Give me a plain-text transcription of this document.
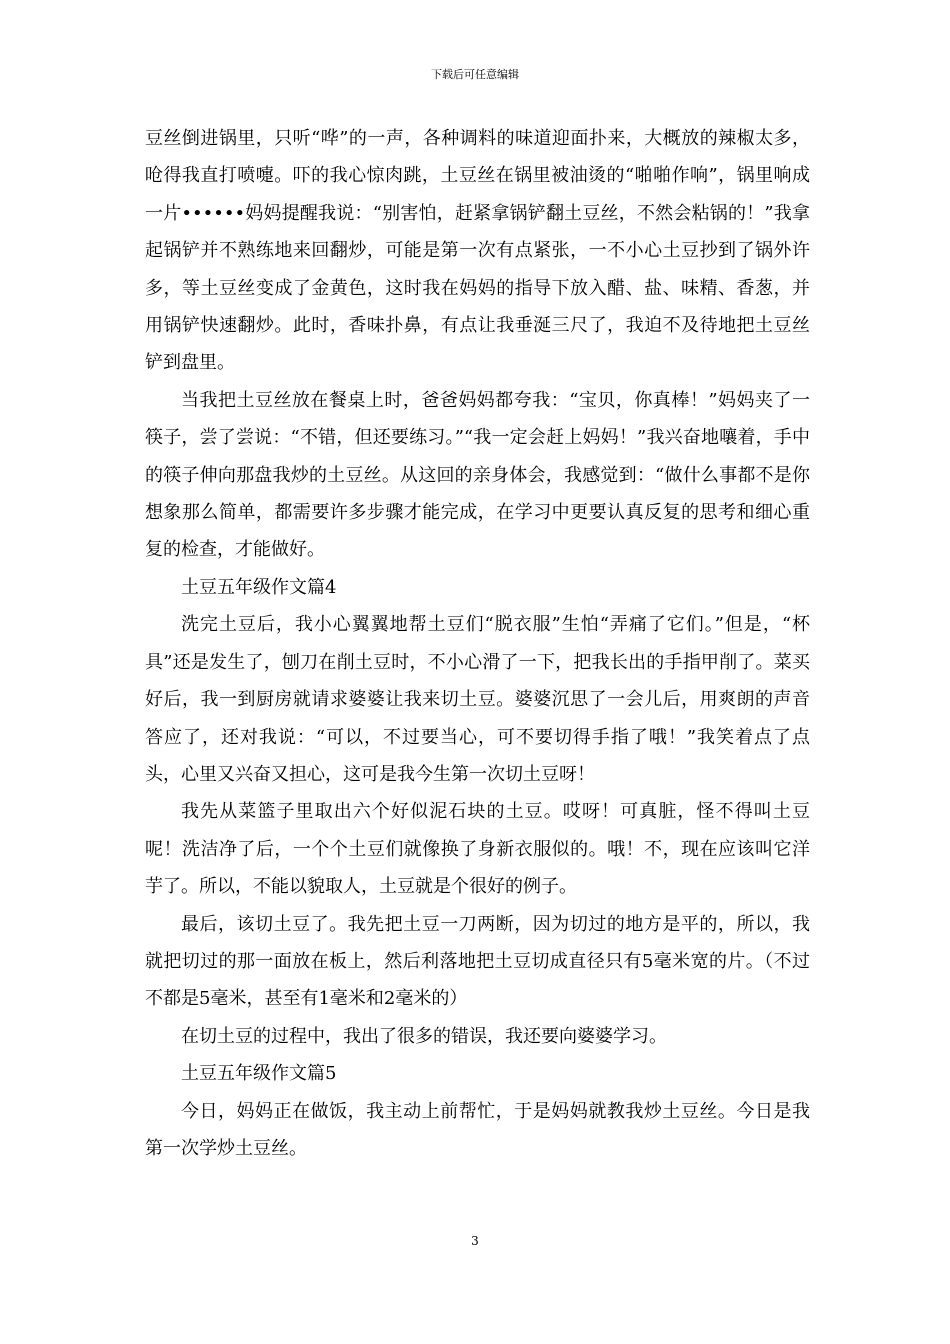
下载后可任意编辑

豆丝倒进锅里，只听“哗”的一声，各种调料的味道迎面扑来，大概放的辣椒太多，呛得我直打喷嚏。吓的我心惊肉跳，土豆丝在锅里被油烫的“啪啪作响”，锅里响成一片••••••妈妈提醒我说：“别害怕，赶紧拿锅铲翻土豆丝，不然会粘锅的！”我拿起锅铲并不熟练地来回翻炒，可能是第一次有点紧张，一不小心土豆抄到了锅外许多，等土豆丝变成了金黄色，这时我在妈妈的指导下放入醋、盐、味精、香葱，并用锅铲快速翻炒。此时，香味扑鼻，有点让我垂涎三尺了，我迫不及待地把土豆丝铲到盘里。

当我把土豆丝放在餐桌上时，爸爸妈妈都夸我：“宝贝，你真棒！”妈妈夹了一筷子，尝了尝说：“不错，但还要练习。”“我一定会赶上妈妈！”我兴奋地嚷着，手中的筷子伸向那盘我炒的土豆丝。从这回的亲身体会，我感觉到：“做什么事都不是你想象那么简单，都需要许多步骤才能完成，在学习中更要认真反复的思考和细心重复的检查，才能做好。

土豆五年级作文篇4

洗完土豆后，我小心翼翼地帮土豆们“脱衣服”生怕“弄痛了它们。”但是，“杯具”还是发生了，刨刀在削土豆时，不小心滑了一下，把我长出的手指甲削了。菜买好后，我一到厨房就请求婆婆让我来切土豆。婆婆沉思了一会儿后，用爽朗的声音答应了，还对我说：“可以，不过要当心，可不要切得手指了哦！”我笑着点了点头，心里又兴奋又担心，这可是我今生第一次切土豆呀！

我先从菜篮子里取出六个好似泥石块的土豆。哎呀！可真脏，怪不得叫土豆呢！洗洁净了后，一个个土豆们就像换了身新衣服似的。哦！不，现在应该叫它洋芋了。所以，不能以貌取人，土豆就是个很好的例子。

最后，该切土豆了。我先把土豆一刀两断，因为切过的地方是平的，所以，我就把切过的那一面放在板上，然后利落地把土豆切成直径只有5毫米宽的片。（不过不都是5毫米，甚至有1毫米和2毫米的）

在切土豆的过程中，我出了很多的错误，我还要向婆婆学习。

土豆五年级作文篇5

今日，妈妈正在做饭，我主动上前帮忙，于是妈妈就教我炒土豆丝。今日是我第一次学炒土豆丝。

3
